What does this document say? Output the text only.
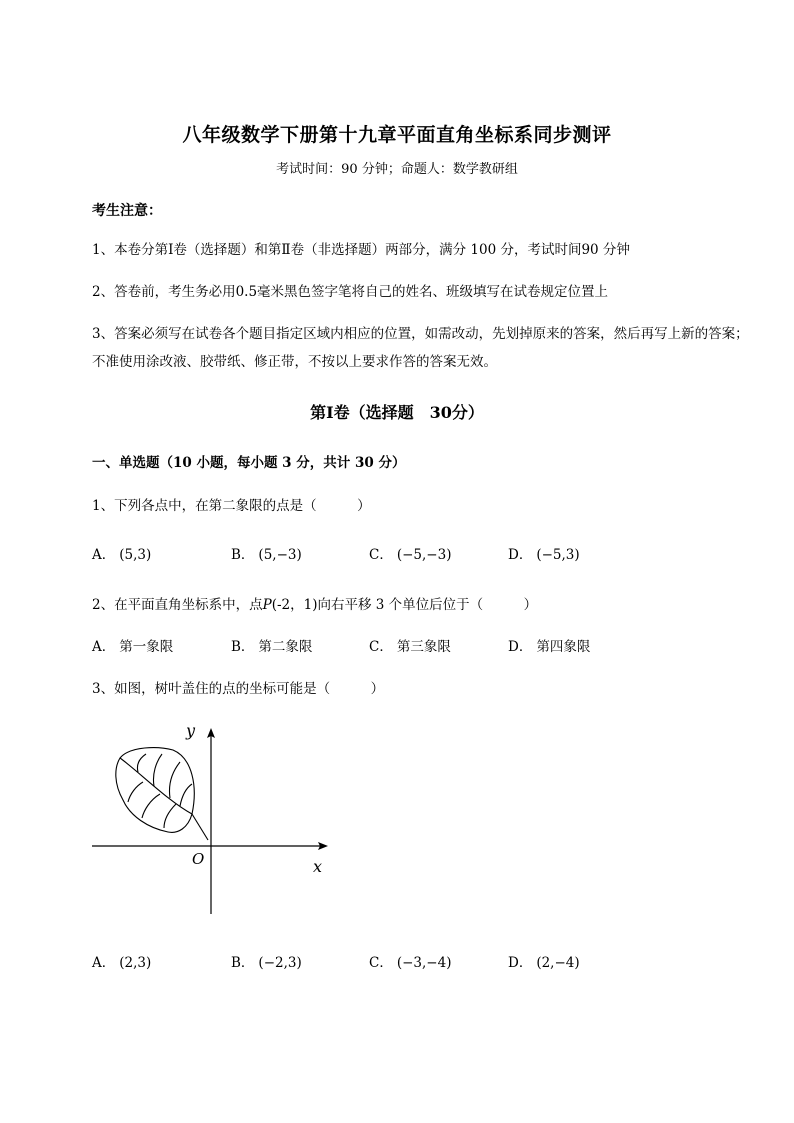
八年级数学下册第十九章平面直角坐标系同步测评
考试时间：90 分钟；命题人：数学教研组
考生注意：
1、本卷分第Ⅰ卷（选择题）和第Ⅱ卷（非选择题）两部分，满分 100 分，考试时间90 分钟
2、答卷前，考生务必用0.5毫米黑色签字笔将自己的姓名、班级填写在试卷规定位置上
3、答案必须写在试卷各个题目指定区域内相应的位置，如需改动，先划掉原来的答案，然后再写上新的答案；不准使用涂改液、胶带纸、修正带，不按以上要求作答的答案无效。
第Ⅰ卷（选择题　30分）
一、单选题（10 小题，每小题 3 分，共计 30 分）
1、下列各点中，在第二象限的点是（　　　）
A． (5,3)	B． (5,−3)	C． (−5,−3)	D． (−5,3)
2、在平面直角坐标系中，点P(-2，1)向右平移 3 个单位后位于（　　　）
A． 第一象限	B． 第二象限	C． 第三象限	D． 第四象限
3、如图，树叶盖住的点的坐标可能是（　　　）
y
x
O
A． (2,3)	B． (−2,3)	C． (−3,−4)	D． (2,−4)
